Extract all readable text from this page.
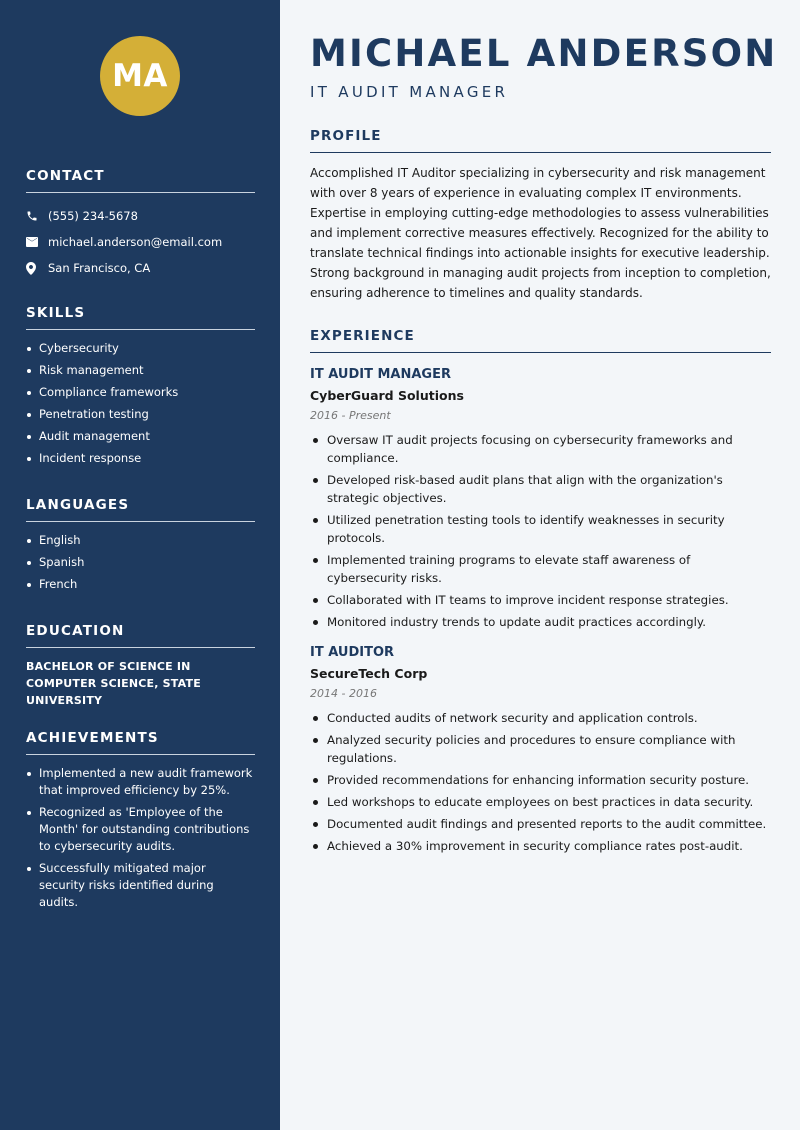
MA
CONTACT
(555) 234-5678
michael.anderson@email.com
San Francisco, CA
SKILLS
Cybersecurity
Risk management
Compliance frameworks
Penetration testing
Audit management
Incident response
LANGUAGES
English
Spanish
French
EDUCATION
BACHELOR OF SCIENCE IN COMPUTER SCIENCE, STATE UNIVERSITY
ACHIEVEMENTS
Implemented a new audit framework that improved efficiency by 25%.
Recognized as 'Employee of the Month' for outstanding contributions to cybersecurity audits.
Successfully mitigated major security risks identified during audits.
MICHAEL ANDERSON
IT AUDIT MANAGER
PROFILE
Accomplished IT Auditor specializing in cybersecurity and risk management with over 8 years of experience in evaluating complex IT environments. Expertise in employing cutting-edge methodologies to assess vulnerabilities and implement corrective measures effectively. Recognized for the ability to translate technical findings into actionable insights for executive leadership. Strong background in managing audit projects from inception to completion, ensuring adherence to timelines and quality standards.
EXPERIENCE
IT AUDIT MANAGER
CyberGuard Solutions
2016 - Present
Oversaw IT audit projects focusing on cybersecurity frameworks and compliance.
Developed risk-based audit plans that align with the organization's strategic objectives.
Utilized penetration testing tools to identify weaknesses in security protocols.
Implemented training programs to elevate staff awareness of cybersecurity risks.
Collaborated with IT teams to improve incident response strategies.
Monitored industry trends to update audit practices accordingly.
IT AUDITOR
SecureTech Corp
2014 - 2016
Conducted audits of network security and application controls.
Analyzed security policies and procedures to ensure compliance with regulations.
Provided recommendations for enhancing information security posture.
Led workshops to educate employees on best practices in data security.
Documented audit findings and presented reports to the audit committee.
Achieved a 30% improvement in security compliance rates post-audit.
